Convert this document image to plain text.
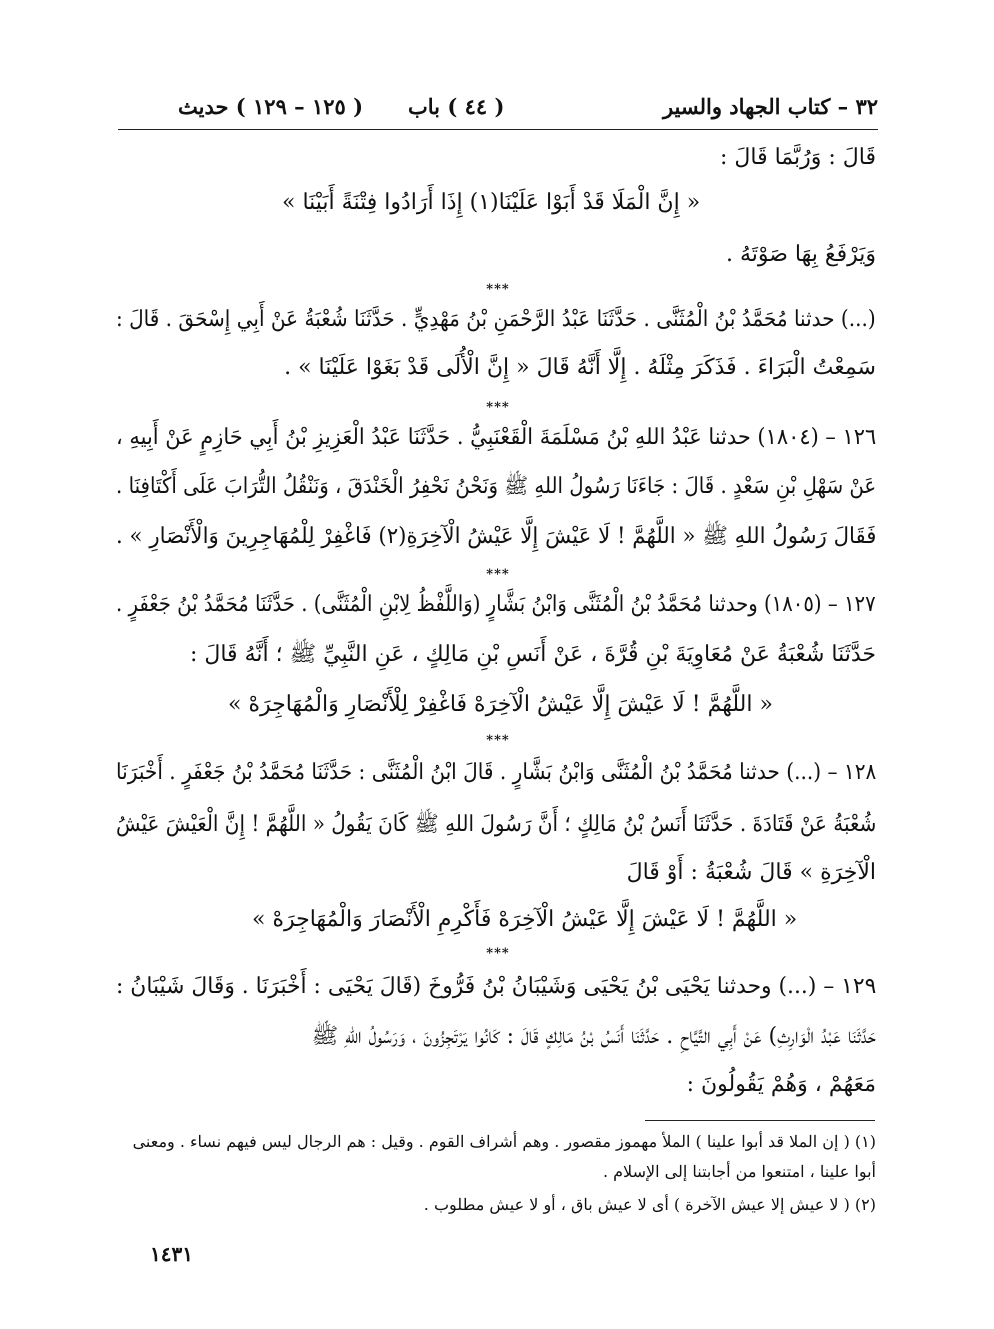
٣٢ – كتاب الجهاد والسير
( ٤٤ ) باب
( ١٢٥ – ١٢٩ ) حديث
قَالَ : وَرُبَّمَا قَالَ :
« إِنَّ الْمَلَا قَدْ أَبَوْا عَلَيْنَا(١) إِذَا أَرَادُوا فِتْنَةً أَبَيْنَا »
وَيَرْفَعُ بِهَا صَوْتَهُ .
***
(...) حدثنا مُحَمَّدُ بْنُ الْمُثَنَّى . حَدَّثَنَا عَبْدُ الرَّحْمَنِ بْنُ مَهْدِيٍّ . حَدَّثَنَا شُعْبَةُ عَنْ أَبِي إِسْحَقَ . قَالَ :
سَمِعْتُ الْبَرَاءَ . فَذَكَرَ مِثْلَهُ . إِلَّا أَنَّهُ قَالَ « إِنَّ الْأُلَى قَدْ بَغَوْا عَلَيْنَا » .
***
١٢٦ – (١٨٠٤) حدثنا عَبْدُ اللهِ بْنُ مَسْلَمَةَ الْقَعْنَبِيُّ . حَدَّثَنَا عَبْدُ الْعَزِيزِ بْنُ أَبِي حَازِمٍ عَنْ أَبِيهِ ،
عَنْ سَهْلِ بْنِ سَعْدٍ . قَالَ : جَاءَنَا رَسُولُ اللهِ ﷺ وَنَحْنُ نَحْفِرُ الْخَنْدَقَ ، وَنَنْقُلُ التُّرَابَ عَلَى أَكْتَافِنَا .
فَقَالَ رَسُولُ اللهِ ﷺ « اللَّهُمَّ ! لَا عَيْشَ إِلَّا عَيْشُ الْآخِرَةِ(٢) فَاغْفِرْ لِلْمُهَاجِرِينَ وَالْأَنْصَارِ » .
***
١٢٧ – (١٨٠٥) وحدثنا مُحَمَّدُ بْنُ الْمُثَنَّى وَابْنُ بَشَّارٍ (وَاللَّفْظُ لِابْنِ الْمُثَنَّى) . حَدَّثَنَا مُحَمَّدُ بْنُ جَعْفَرٍ .
حَدَّثَنَا شُعْبَةُ عَنْ مُعَاوِيَةَ بْنِ قُرَّةَ ، عَنْ أَنَسِ بْنِ مَالِكٍ ، عَنِ النَّبِيِّ ﷺ ؛ أَنَّهُ قَالَ :
« اللَّهُمَّ ! لَا عَيْشَ إِلَّا عَيْشُ الْآخِرَهْ فَاغْفِرْ لِلْأَنْصَارِ وَالْمُهَاجِرَهْ »
***
١٢٨ – (...) حدثنا مُحَمَّدُ بْنُ الْمُثَنَّى وَابْنُ بَشَّارٍ . قَالَ ابْنُ الْمُثَنَّى : حَدَّثَنَا مُحَمَّدُ بْنُ جَعْفَرٍ . أَخْبَرَنَا
شُعْبَةُ عَنْ قَتَادَةَ . حَدَّثَنَا أَنَسُ بْنُ مَالِكٍ ؛ أَنَّ رَسُولَ اللهِ ﷺ كَانَ يَقُولُ « اللَّهُمَّ ! إِنَّ الْعَيْشَ عَيْشُ
الْآخِرَةِ » قَالَ شُعْبَةُ : أَوْ قَالَ
« اللَّهُمَّ ! لَا عَيْشَ إِلَّا عَيْشُ الْآخِرَهْ فَأَكْرِمِ الْأَنْصَارَ وَالْمُهَاجِرَهْ »
***
١٢٩ – (...) وحدثنا يَحْيَى بْنُ يَحْيَى وَشَيْبَانُ بْنُ فَرُّوخَ (قَالَ يَحْيَى : أَخْبَرَنَا . وَقَالَ شَيْبَانُ :
حَدَّثَنَا عَبْدُ الْوَارِثِ) عَنْ أَبِي التَّيَّاحِ . حَدَّثَنَا أَنَسُ بْنُ مَالِكٍ قَالَ : كَانُوا يَرْتَجِزُونَ ، وَرَسُولُ اللهِ ﷺ
مَعَهُمْ ، وَهُمْ يَقُولُونَ :
(١) ( إن الملا قد أبوا علينا ) الملأ مهموز مقصور . وهم أشراف القوم . وقيل : هم الرجال ليس فيهم نساء . ومعنى
أبوا علينا ، امتنعوا من أجابتنا إلى الإسلام .
(٢) ( لا عيش إلا عيش الآخرة ) أى لا عيش باق ، أو لا عيش مطلوب .
١٤٣١
